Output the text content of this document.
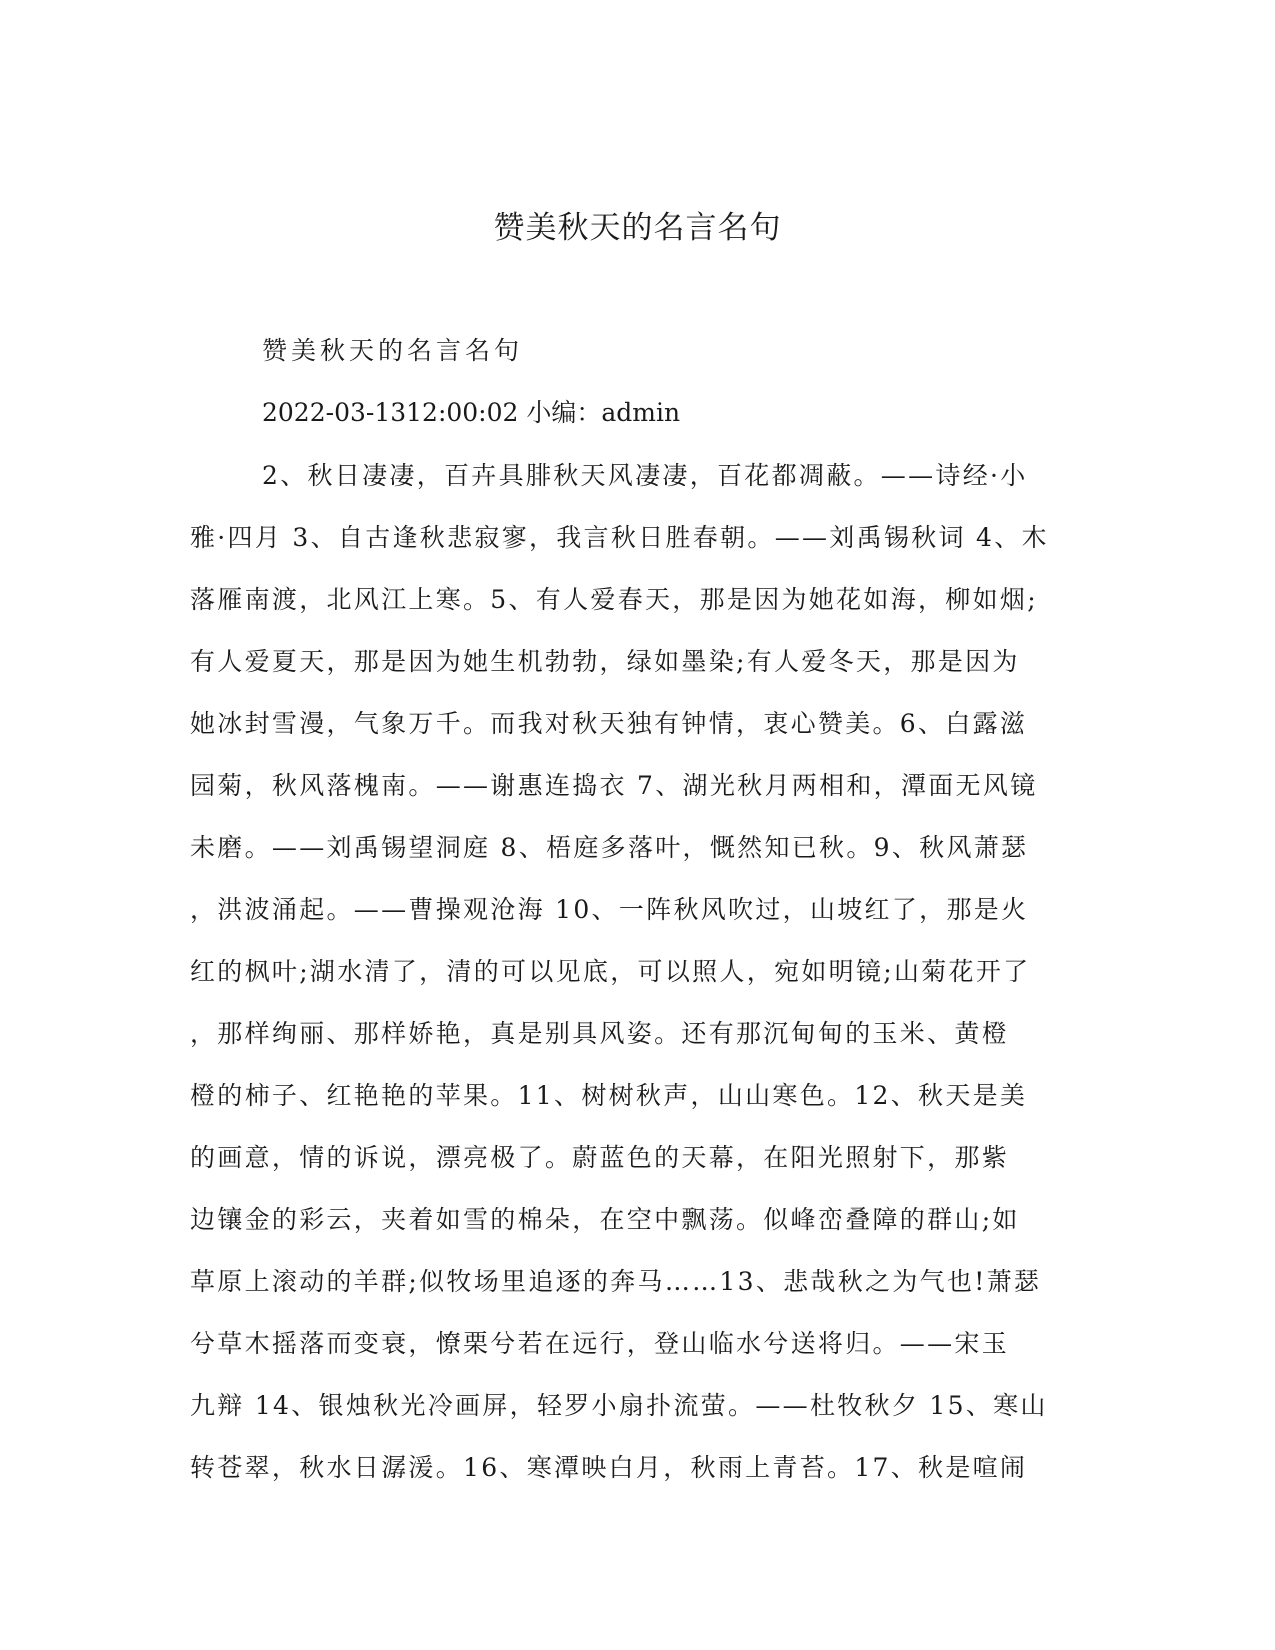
赞美秋天的名言名句
赞美秋天的名言名句
2022-03-1312:00:02 小编：admin
2、秋日凄凄，百卉具腓秋天风凄凄，百花都凋蔽。——诗经·小
雅·四月 3、自古逢秋悲寂寥，我言秋日胜春朝。——刘禹锡秋词 4、木
落雁南渡，北风江上寒。5、有人爱春天，那是因为她花如海，柳如烟;
有人爱夏天，那是因为她生机勃勃，绿如墨染;有人爱冬天，那是因为
她冰封雪漫，气象万千。而我对秋天独有钟情，衷心赞美。6、白露滋
园菊，秋风落槐南。——谢惠连捣衣 7、湖光秋月两相和，潭面无风镜
未磨。——刘禹锡望洞庭 8、梧庭多落叶，慨然知已秋。9、秋风萧瑟
，洪波涌起。——曹操观沧海 10、一阵秋风吹过，山坡红了，那是火
红的枫叶;湖水清了，清的可以见底，可以照人，宛如明镜;山菊花开了
，那样绚丽、那样娇艳，真是别具风姿。还有那沉甸甸的玉米、黄橙
橙的柿子、红艳艳的苹果。11、树树秋声，山山寒色。12、秋天是美
的画意，情的诉说，漂亮极了。蔚蓝色的天幕，在阳光照射下，那紫
边镶金的彩云，夹着如雪的棉朵，在空中飘荡。似峰峦叠障的群山;如
草原上滚动的羊群;似牧场里追逐的奔马……13、悲哉秋之为气也!萧瑟
兮草木摇落而变衰，憭栗兮若在远行，登山临水兮送将归。——宋玉
九辩 14、银烛秋光冷画屏，轻罗小扇扑流萤。——杜牧秋夕 15、寒山
转苍翠，秋水日潺湲。16、寒潭映白月，秋雨上青苔。17、秋是喧闹
